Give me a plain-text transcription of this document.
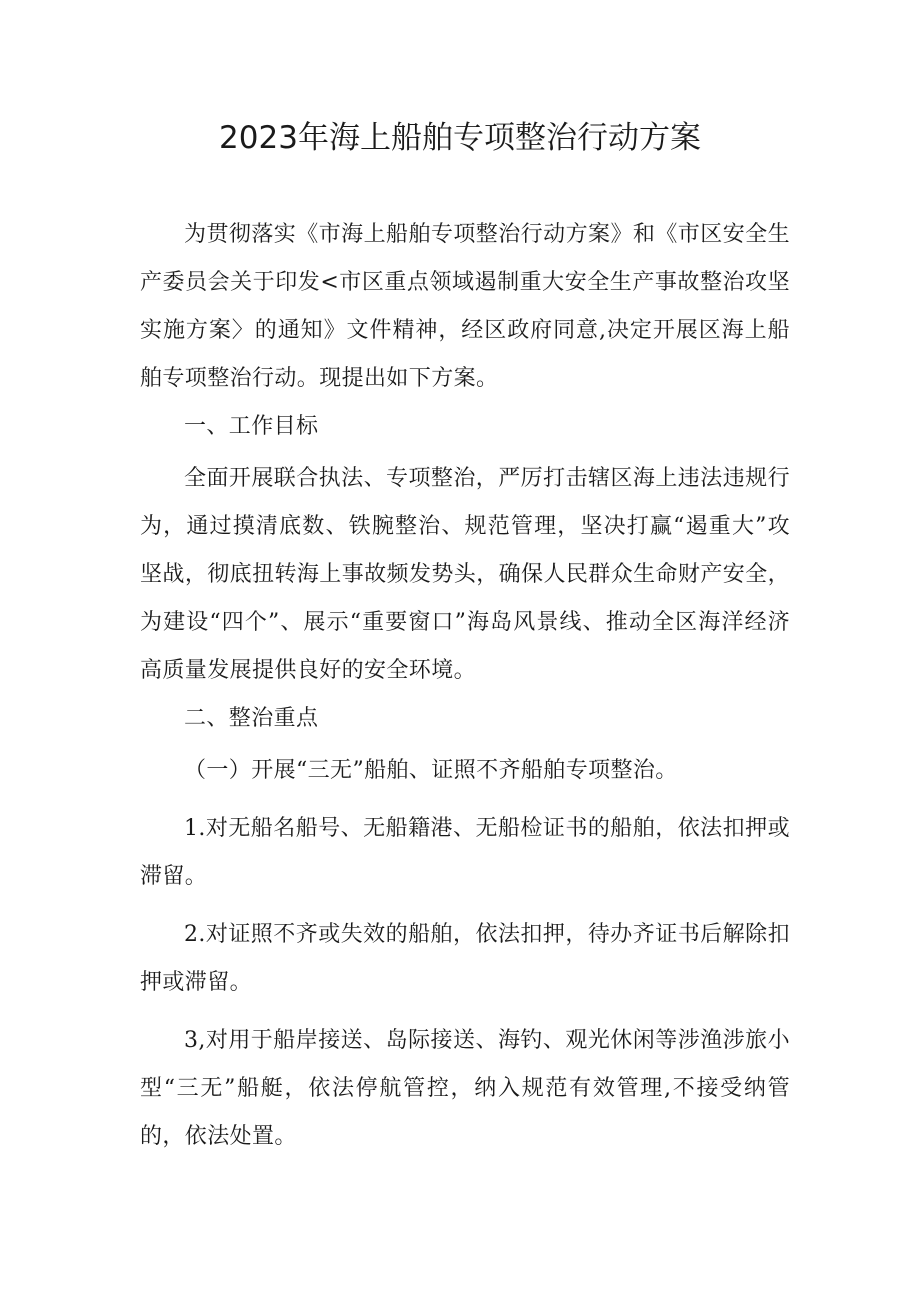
2023年海上船舶专项整治行动方案

为贯彻落实《市海上船舶专项整治行动方案》和《市区安全生产委员会关于印发<市区重点领域遏制重大安全生产事故整治攻坚实施方案〉的通知》文件精神，经区政府同意,决定开展区海上船舶专项整治行动。现提出如下方案。

一、工作目标

全面开展联合执法、专项整治，严厉打击辖区海上违法违规行为，通过摸清底数、铁腕整治、规范管理，坚决打赢“遏重大”攻坚战，彻底扭转海上事故频发势头，确保人民群众生命财产安全，为建设“四个”、展示“重要窗口”海岛风景线、推动全区海洋经济高质量发展提供良好的安全环境。

二、整治重点

（一）开展“三无”船舶、证照不齐船舶专项整治。

1.对无船名船号、无船籍港、无船检证书的船舶，依法扣押或滞留。

2.对证照不齐或失效的船舶，依法扣押，待办齐证书后解除扣押或滞留。

3,对用于船岸接送、岛际接送、海钓、观光休闲等涉渔涉旅小型“三无”船艇，依法停航管控，纳入规范有效管理,不接受纳管的，依法处置。
